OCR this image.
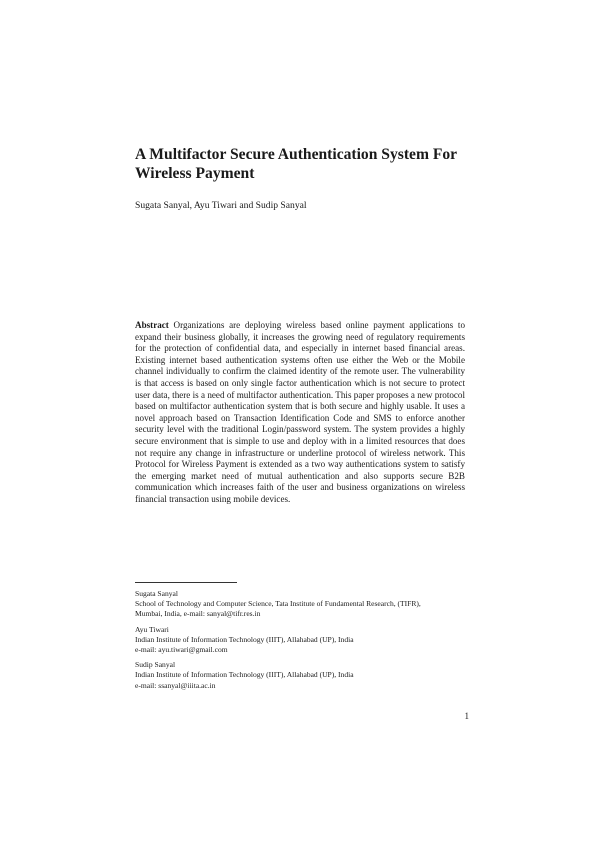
A Multifactor Secure Authentication System For Wireless Payment

Sugata Sanyal, Ayu Tiwari and Sudip Sanyal

Abstract Organizations are deploying wireless based online payment applications to expand their business globally, it increases the growing need of regulatory requirements for the protection of confidential data, and especially in internet based financial areas. Existing internet based authentication systems often use either the Web or the Mobile channel individually to confirm the claimed identity of the remote user. The vulnerability is that access is based on only single factor authentication which is not secure to protect user data, there is a need of multifactor authentication. This paper proposes a new protocol based on multifactor authentication system that is both secure and highly usable. It uses a novel approach based on Transaction Identification Code and SMS to enforce another security level with the traditional Login/password system. The system provides a highly secure environment that is simple to use and deploy with in a limited resources that does not require any change in infrastructure or underline protocol of wireless network. This Protocol for Wireless Payment is extended as a two way authentications system to satisfy the emerging market need of mutual authentication and also supports secure B2B communication which increases faith of the user and business organizations on wireless financial transaction using mobile devices.

Sugata Sanyal
School of Technology and Computer Science, Tata Institute of Fundamental Research, (TIFR),
Mumbai, India, e-mail: sanyal@tifr.res.in
Ayu Tiwari
Indian Institute of Information Technology (IIIT), Allahabad (UP), India
e-mail: ayu.tiwari@gmail.com
Sudip Sanyal
Indian Institute of Information Technology (IIIT), Allahabad (UP), India
e-mail: ssanyal@iiita.ac.in
1
